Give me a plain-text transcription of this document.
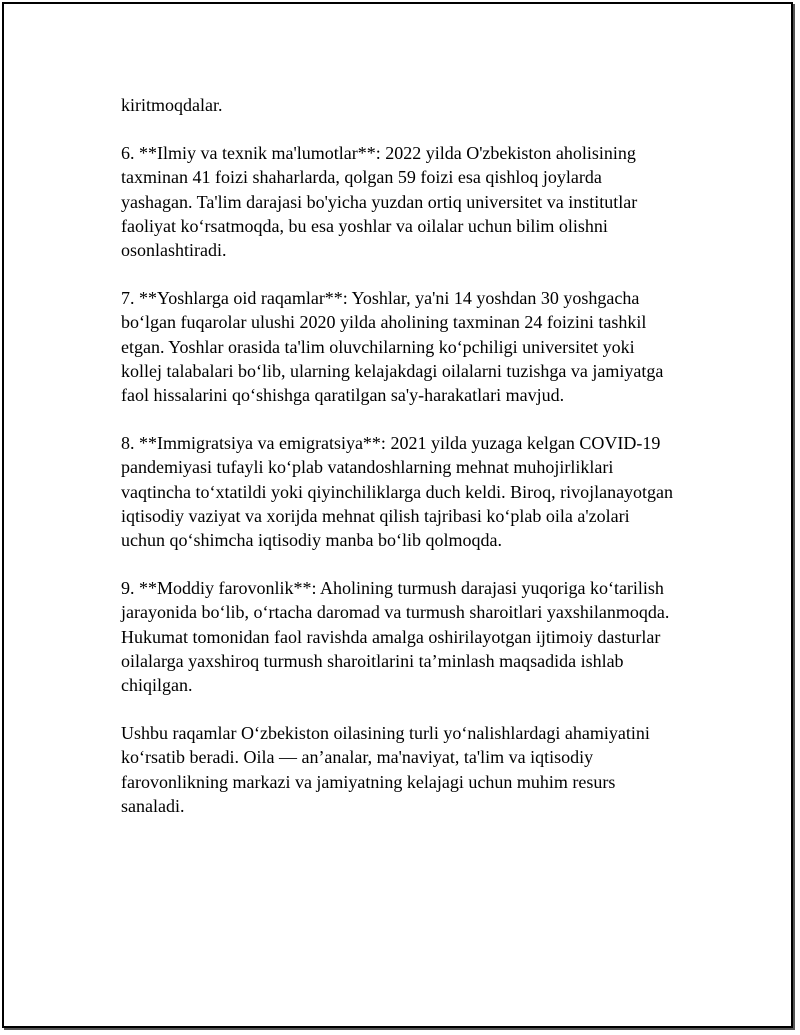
kiritmoqdalar.

6. **Ilmiy va texnik ma'lumotlar**: 2022 yilda O'zbekiston aholisining
taxminan 41 foizi shaharlarda, qolgan 59 foizi esa qishloq joylarda
yashagan. Ta'lim darajasi bo'yicha yuzdan ortiq universitet va institutlar
faoliyat koʻrsatmoqda, bu esa yoshlar va oilalar uchun bilim olishni
osonlashtiradi.

7. **Yoshlarga oid raqamlar**: Yoshlar, ya'ni 14 yoshdan 30 yoshgacha
boʻlgan fuqarolar ulushi 2020 yilda aholining taxminan 24 foizini tashkil
etgan. Yoshlar orasida ta'lim oluvchilarning koʻpchiligi universitet yoki
kollej talabalari boʻlib, ularning kelajakdagi oilalarni tuzishga va jamiyatga
faol hissalarini qoʻshishga qaratilgan sa'y-harakatlari mavjud.

8. **Immigratsiya va emigratsiya**: 2021 yilda yuzaga kelgan COVID-19
pandemiyasi tufayli koʻplab vatandoshlarning mehnat muhojirliklari
vaqtincha toʻxtatildi yoki qiyinchiliklarga duch keldi. Biroq, rivojlanayotgan
iqtisodiy vaziyat va xorijda mehnat qilish tajribasi koʻplab oila a'zolari
uchun qoʻshimcha iqtisodiy manba boʻlib qolmoqda.

9. **Moddiy farovonlik**: Aholining turmush darajasi yuqoriga koʻtarilish
jarayonida boʻlib, oʻrtacha daromad va turmush sharoitlari yaxshilanmoqda.
Hukumat tomonidan faol ravishda amalga oshirilayotgan ijtimoiy dasturlar
oilalarga yaxshiroq turmush sharoitlarini ta’minlash maqsadida ishlab
chiqilgan.

Ushbu raqamlar Oʻzbekiston oilasining turli yoʻnalishlardagi ahamiyatini
koʻrsatib beradi. Oila — an’analar, ma'naviyat, ta'lim va iqtisodiy
farovonlikning markazi va jamiyatning kelajagi uchun muhim resurs
sanaladi.
